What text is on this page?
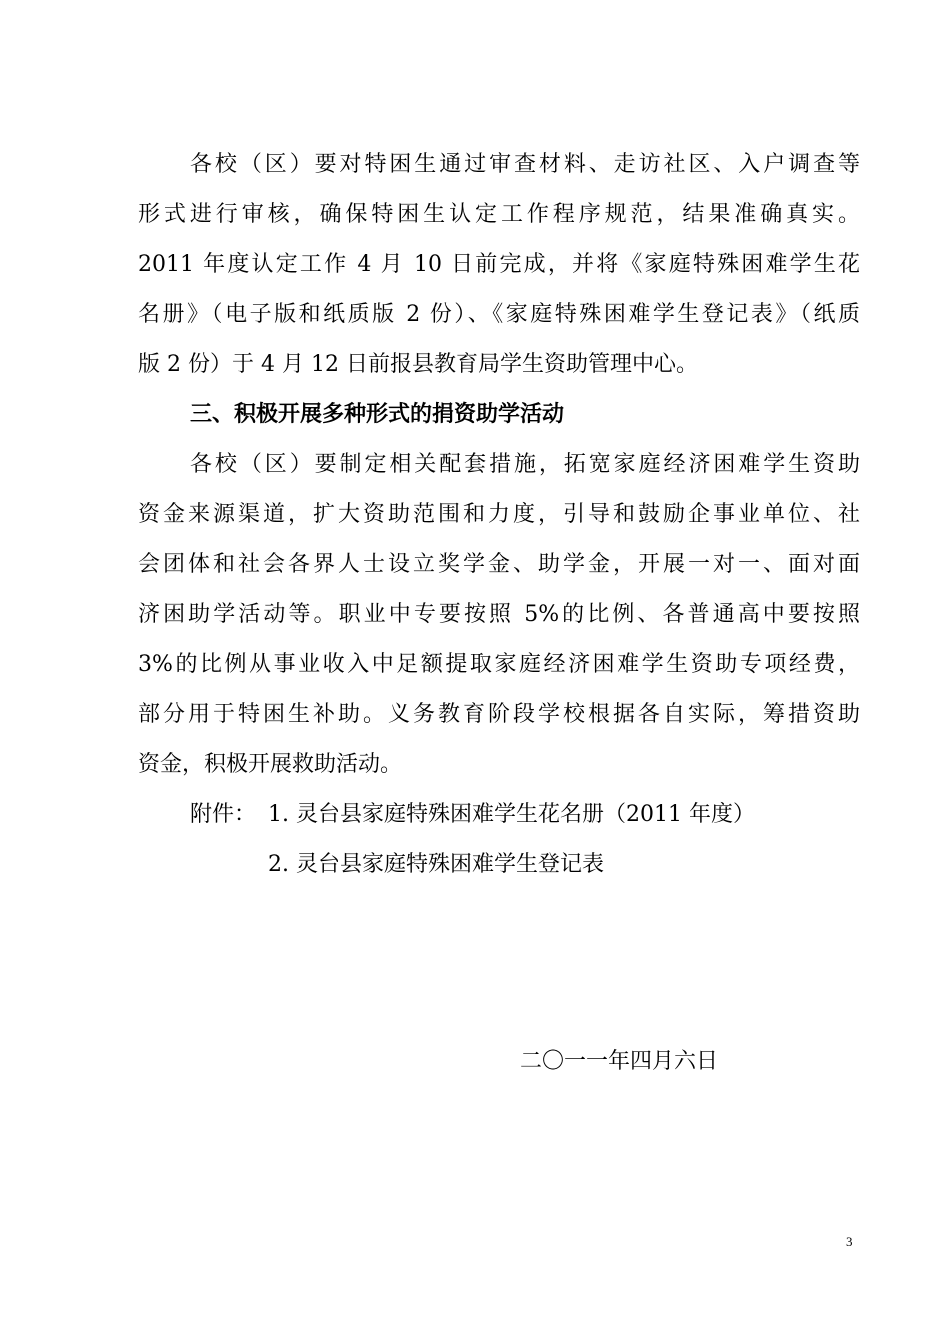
各校（区）要对特困生通过审查材料、走访社区、入户调查等
形式进行审核，确保特困生认定工作程序规范，结果准确真实。
2011 年度认定工作 4 月 10 日前完成，并将《家庭特殊困难学生花
名册》（电子版和纸质版 2 份）、《家庭特殊困难学生登记表》（纸质
版 2 份）于 4 月 12 日前报县教育局学生资助管理中心。
三、积极开展多种形式的捐资助学活动
各校（区）要制定相关配套措施，拓宽家庭经济困难学生资助
资金来源渠道，扩大资助范围和力度，引导和鼓励企事业单位、社
会团体和社会各界人士设立奖学金、助学金，开展一对一、面对面
济困助学活动等。职业中专要按照 5%的比例、各普通高中要按照
3%的比例从事业收入中足额提取家庭经济困难学生资助专项经费，
部分用于特困生补助。义务教育阶段学校根据各自实际，筹措资助
资金，积极开展救助活动。
附件： 1. 灵台县家庭特殊困难学生花名册（2011 年度）
2. 灵台县家庭特殊困难学生登记表
二〇一一年四月六日
3
